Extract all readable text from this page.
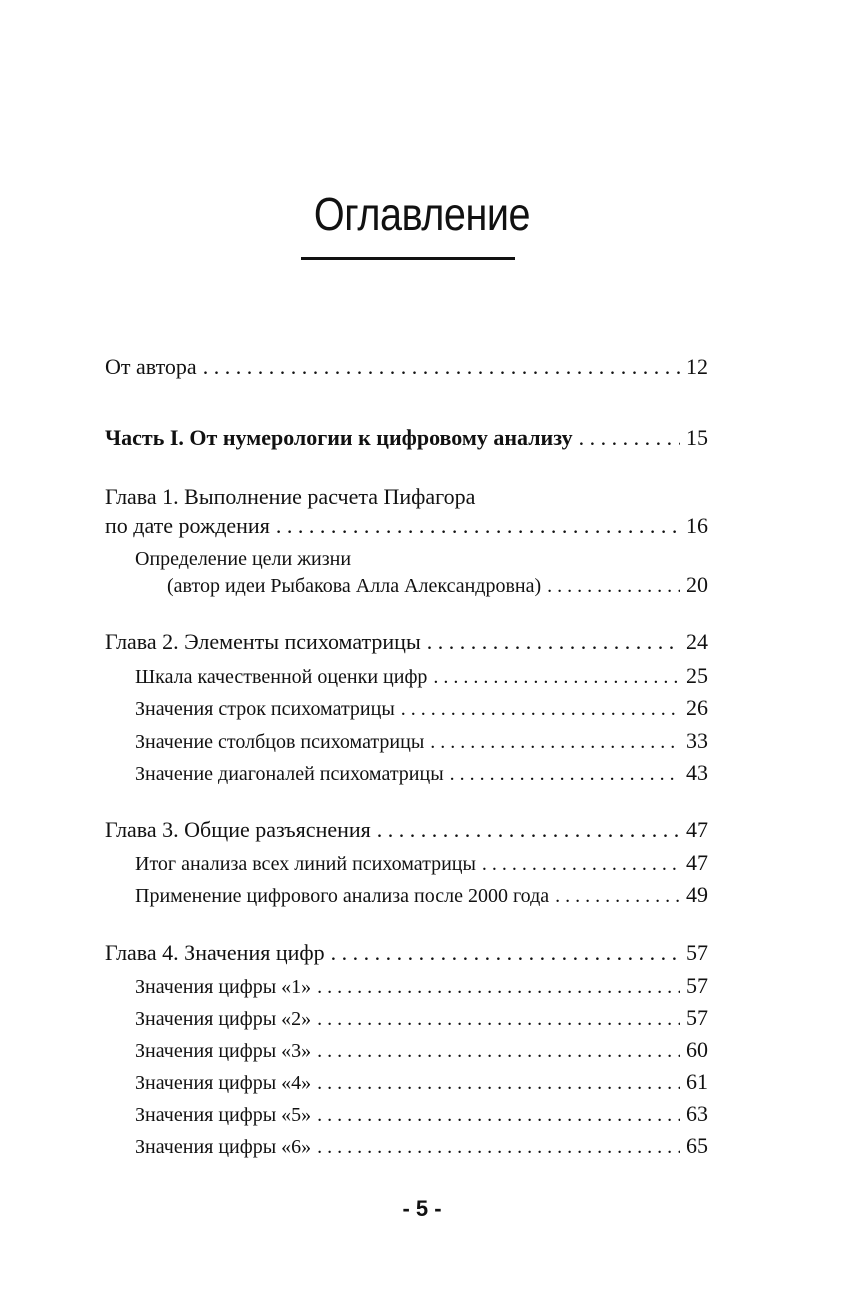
Оглавление
От автора . . .	12
Часть I. От нумерологии к цифровому анализу . . .	15
Глава 1. Выполнение расчета Пифагора
по дате рождения . . .	16
Определение цели жизни
(автор идеи Рыбакова Алла Александровна) . . .	20
Глава 2. Элементы психоматрицы . . .	24
Шкала качественной оценки цифр . . .	25
Значения строк психоматрицы . . .	26
Значение столбцов психоматрицы . . .	33
Значение диагоналей психоматрицы . . .	43
Глава 3. Общие разъяснения . . .	47
Итог анализа всех линий психоматрицы . . .	47
Применение цифрового анализа после 2000 года . . .	49
Глава 4. Значения цифр . . .	57
Значения цифры «1» . . .	57
Значения цифры «2» . . .	57
Значения цифры «3» . . .	60
Значения цифры «4» . . .	61
Значения цифры «5» . . .	63
Значения цифры «6» . . .	65
- 5 -
